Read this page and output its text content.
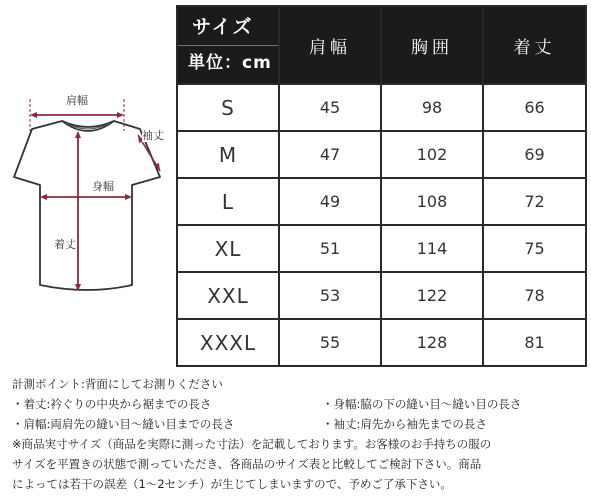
肩幅
袖丈
身幅
着丈
サイズ
単位：cm	肩幅	胸囲	着丈
S	45	98	66
M	47	102	69
L	49	108	72
XL	51	114	75
XXL	53	122	78
XXXL	55	128	81
計測ポイント:背面にしてお測りください
・着丈:衿ぐりの中央から裾までの長さ	・身幅:脇の下の縫い目～縫い目の長さ
・肩幅:両肩先の縫い目～縫い目までの長さ	・袖丈:肩先から袖先までの長さ
※商品実寸サイズ（商品を実際に測った寸法）を記載しております。お客様のお手持ちの服の
サイズを平置きの状態で測っていただき、各商品のサイズ表と比較してご検討下さい。商品
によっては若干の誤差（1～2センチ）が生じてしまいますので、予めご了承下さい。
